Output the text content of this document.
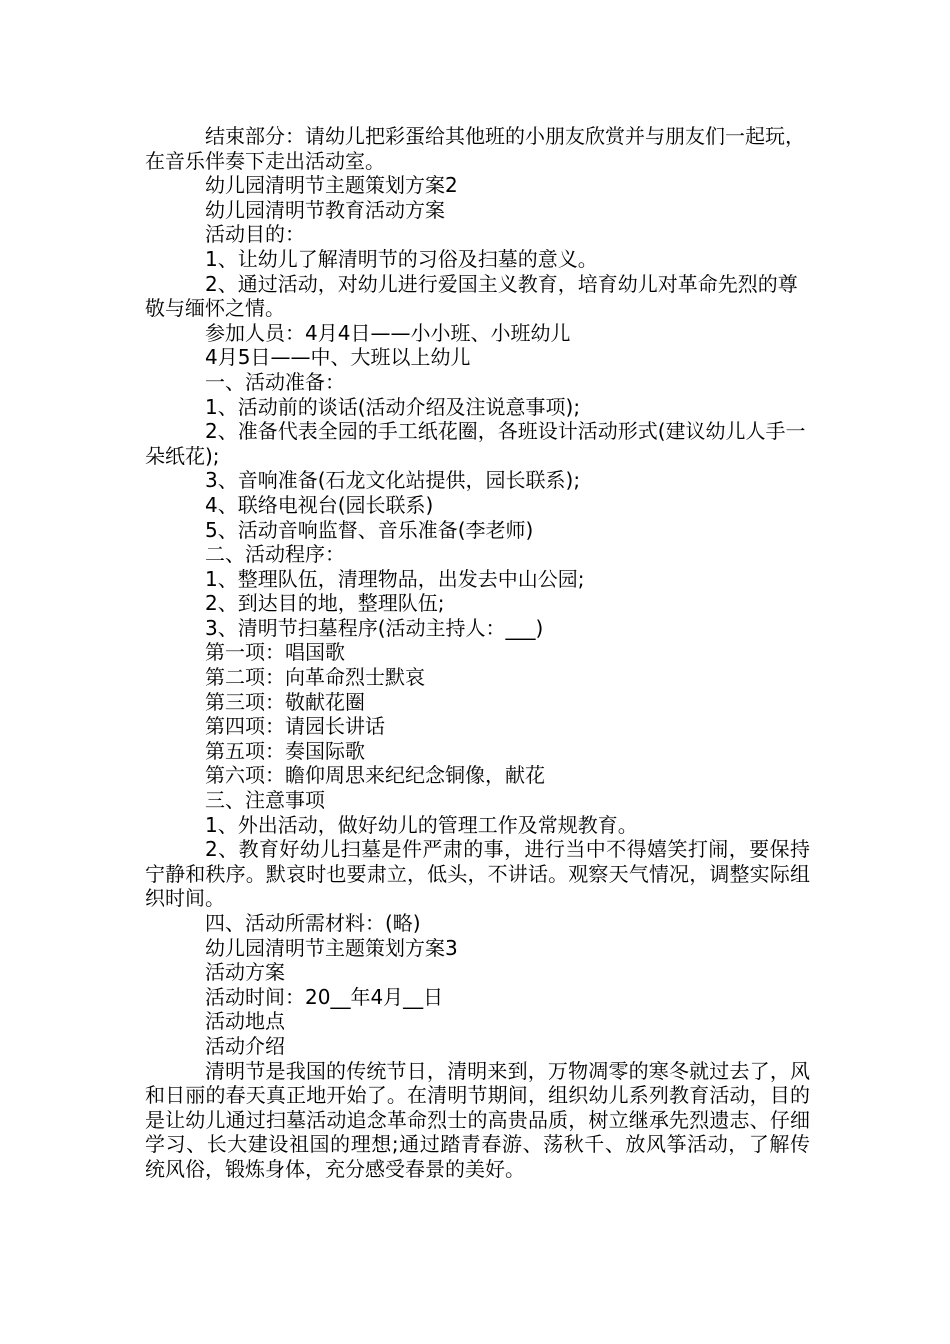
结束部分：请幼儿把彩蛋给其他班的小朋友欣赏并与朋友们一起玩，在音乐伴奏下走出活动室。

幼儿园清明节主题策划方案2

幼儿园清明节教育活动方案

活动目的：

1、让幼儿了解清明节的习俗及扫墓的意义。

2、通过活动，对幼儿进行爱国主义教育，培育幼儿对革命先烈的尊敬与缅怀之情。

参加人员：4月4日——小小班、小班幼儿

4月5日——中、大班以上幼儿

一、活动准备：

1、活动前的谈话(活动介绍及注说意事项);

2、准备代表全园的手工纸花圈，各班设计活动形式(建议幼儿人手一朵纸花);

3、音响准备(石龙文化站提供，园长联系);

4、联络电视台(园长联系)

5、活动音响监督、音乐准备(李老师)

二、活动程序：

1、整理队伍，清理物品，出发去中山公园;

2、到达目的地，整理队伍;

3、清明节扫墓程序(活动主持人：___)

第一项：唱国歌

第二项：向革命烈士默哀

第三项：敬献花圈

第四项：请园长讲话

第五项：奏国际歌

第六项：瞻仰周思来纪纪念铜像，献花

三、注意事项

1、外出活动，做好幼儿的管理工作及常规教育。

2、教育好幼儿扫墓是件严肃的事，进行当中不得嬉笑打闹，要保持宁静和秩序。默哀时也要肃立，低头，不讲话。观察天气情况，调整实际组织时间。

四、活动所需材料：(略)

幼儿园清明节主题策划方案3

活动方案

活动时间：20__年4月__日

活动地点

活动介绍

清明节是我国的传统节日，清明来到，万物凋零的寒冬就过去了，风和日丽的春天真正地开始了。在清明节期间，组织幼儿系列教育活动，目的是让幼儿通过扫墓活动追念革命烈士的高贵品质，树立继承先烈遗志、仔细学习、长大建设祖国的理想;通过踏青春游、荡秋千、放风筝活动，了解传统风俗，锻炼身体，充分感受春景的美好。
